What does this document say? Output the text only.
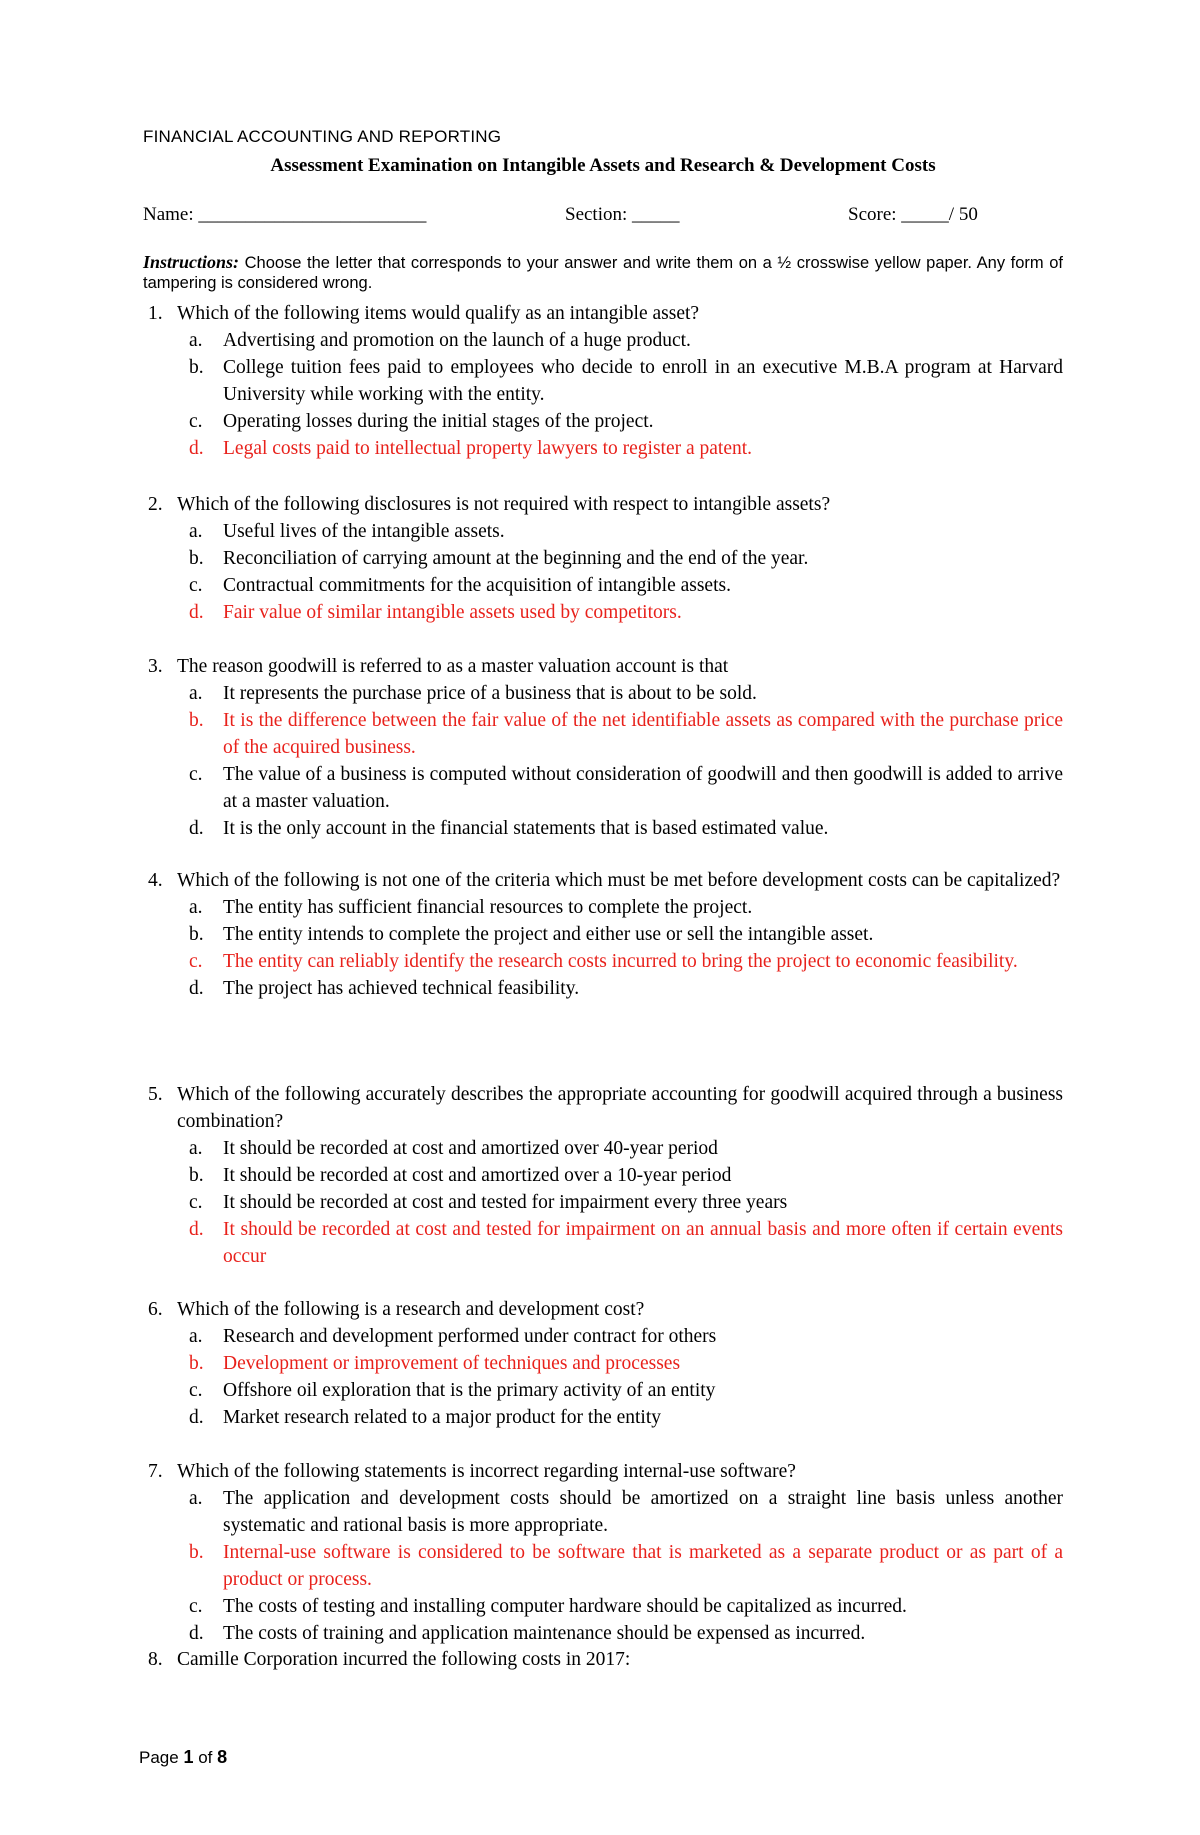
FINANCIAL ACCOUNTING AND REPORTING
Assessment Examination on Intangible Assets and Research & Development Costs
Name: ________________________	Section: _____	Score: _____/ 50
Instructions: Choose the letter that corresponds to your answer and write them on a ½ crosswise yellow paper. Any form of tampering is considered wrong.
1. Which of the following items would qualify as an intangible asset?
a.	Advertising and promotion on the launch of a huge product.
b. College tuition fees paid to employees who decide to enroll in an executive M.B.A program at Harvard University while working with the entity.
c.	Operating losses during the initial stages of the project.
d. Legal costs paid to intellectual property lawyers to register a patent.
2. Which of the following disclosures is not required with respect to intangible assets?
a.	Useful lives of the intangible assets.
b. Reconciliation of carrying amount at the beginning and the end of the year.
c.	Contractual commitments for the acquisition of intangible assets.
d. Fair value of similar intangible assets used by competitors.
3. The reason goodwill is referred to as a master valuation account is that
a.	It represents the purchase price of a business that is about to be sold.
b. It is the difference between the fair value of the net identifiable assets as compared with the purchase price of the acquired business.
c.	The value of a business is computed without consideration of goodwill and then goodwill is added to arrive at a master valuation.
d. It is the only account in the financial statements that is based estimated value.
4. Which of the following is not one of the criteria which must be met before development costs can be capitalized?
a.	The entity has sufficient financial resources to complete the project.
b. The entity intends to complete the project and either use or sell the intangible asset.
c.	The entity can reliably identify the research costs incurred to bring the project to economic feasibility.
d. The project has achieved technical feasibility.
5. Which of the following accurately describes the appropriate accounting for goodwill acquired through a business combination?
a.	It should be recorded at cost and amortized over 40-year period
b. It should be recorded at cost and amortized over a 10-year period
c.	It should be recorded at cost and tested for impairment every three years
d. It should be recorded at cost and tested for impairment on an annual basis and more often if certain events occur
6. Which of the following is a research and development cost?
a.	Research and development performed under contract for others
b. Development or improvement of techniques and processes
c.	Offshore oil exploration that is the primary activity of an entity
d. Market research related to a major product for the entity
7. Which of the following statements is incorrect regarding internal-use software?
a.	The application and development costs should be amortized on a straight line basis unless another systematic and rational basis is more appropriate.
b. Internal-use software is considered to be software that is marketed as a separate product or as part of a product or process.
c.	The costs of testing and installing computer hardware should be capitalized as incurred.
d. The costs of training and application maintenance should be expensed as incurred.
8. Camille Corporation incurred the following costs in 2017:
Page 1 of 8
